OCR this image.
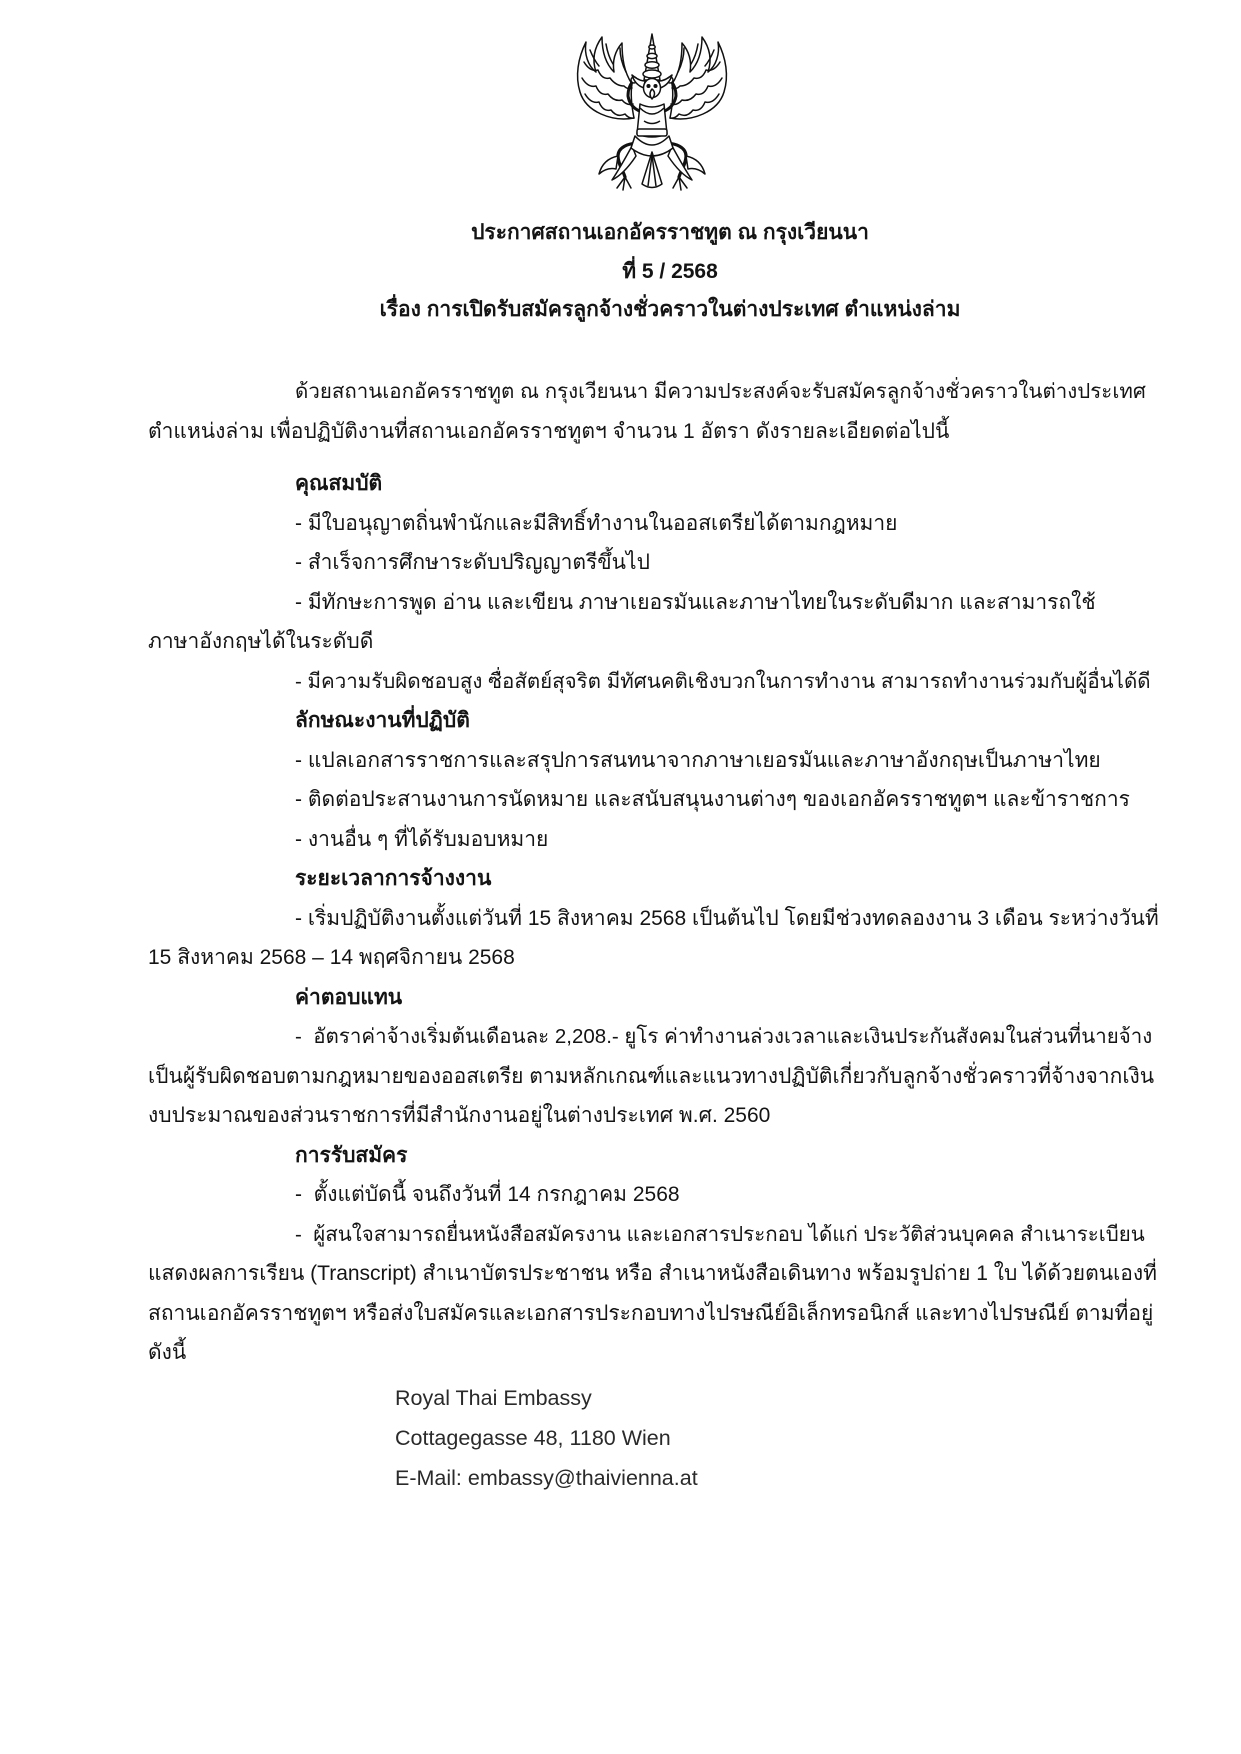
ประกาศสถานเอกอัครราชทูต ณ กรุงเวียนนา
ที่ 5 / 2568
เรื่อง การเปิดรับสมัครลูกจ้างชั่วคราวในต่างประเทศ ตำแหน่งล่าม
ด้วยสถานเอกอัครราชทูต ณ กรุงเวียนนา มีความประสงค์จะรับสมัครลูกจ้างชั่วคราวในต่างประเทศ
ตำแหน่งล่าม เพื่อปฏิบัติงานที่สถานเอกอัครราชทูตฯ จำนวน 1 อัตรา ดังรายละเอียดต่อไปนี้
คุณสมบัติ
- มีใบอนุญาตถิ่นพำนักและมีสิทธิ์ทำงานในออสเตรียได้ตามกฎหมาย
- สำเร็จการศึกษาระดับปริญญาตรีขึ้นไป
- มีทักษะการพูด อ่าน และเขียน ภาษาเยอรมันและภาษาไทยในระดับดีมาก และสามารถใช้
ภาษาอังกฤษได้ในระดับดี
- มีความรับผิดชอบสูง ซื่อสัตย์สุจริต มีทัศนคติเชิงบวกในการทำงาน สามารถทำงานร่วมกับผู้อื่นได้ดี
ลักษณะงานที่ปฏิบัติ
- แปลเอกสารราชการและสรุปการสนทนาจากภาษาเยอรมันและภาษาอังกฤษเป็นภาษาไทย
- ติดต่อประสานงานการนัดหมาย และสนับสนุนงานต่างๆ ของเอกอัครราชทูตฯ และข้าราชการ
- งานอื่น ๆ ที่ได้รับมอบหมาย
ระยะเวลาการจ้างงาน
- เริ่มปฏิบัติงานตั้งแต่วันที่ 15 สิงหาคม 2568 เป็นต้นไป โดยมีช่วงทดลองงาน 3 เดือน ระหว่างวันที่
15 สิงหาคม 2568 – 14 พฤศจิกายน 2568
ค่าตอบแทน
-  อัตราค่าจ้างเริ่มต้นเดือนละ 2,208.- ยูโร ค่าทำงานล่วงเวลาและเงินประกันสังคมในส่วนที่นายจ้าง
เป็นผู้รับผิดชอบตามกฎหมายของออสเตรีย ตามหลักเกณฑ์และแนวทางปฏิบัติเกี่ยวกับลูกจ้างชั่วคราวที่จ้างจากเงิน
งบประมาณของส่วนราชการที่มีสำนักงานอยู่ในต่างประเทศ พ.ศ. 2560
การรับสมัคร
-  ตั้งแต่บัดนี้ จนถึงวันที่ 14 กรกฎาคม 2568
-  ผู้สนใจสามารถยื่นหนังสือสมัครงาน และเอกสารประกอบ ได้แก่ ประวัติส่วนบุคคล สำเนาระเบียน
แสดงผลการเรียน (Transcript) สำเนาบัตรประชาชน หรือ สำเนาหนังสือเดินทาง พร้อมรูปถ่าย 1 ใบ ได้ด้วยตนเองที่
สถานเอกอัครราชทูตฯ หรือส่งใบสมัครและเอกสารประกอบทางไปรษณีย์อิเล็กทรอนิกส์ และทางไปรษณีย์ ตามที่อยู่
ดังนี้
Royal Thai Embassy
Cottagegasse 48, 1180 Wien
E-Mail: embassy@thaivienna.at
